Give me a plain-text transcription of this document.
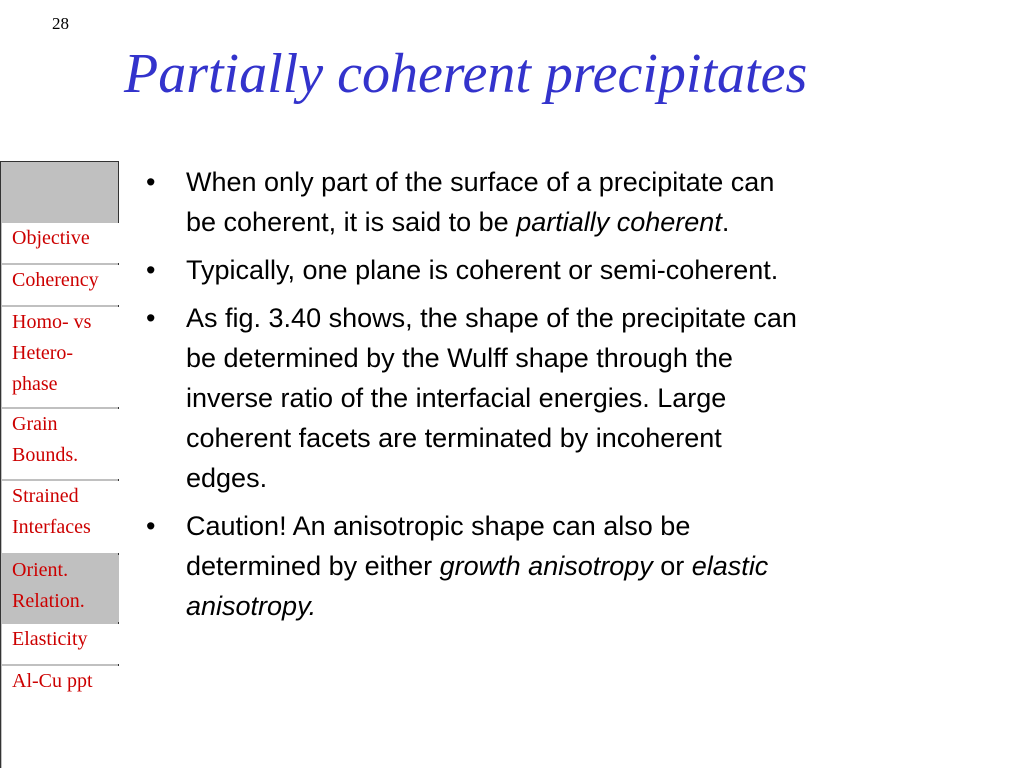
28
Partially coherent precipitates
Objective
Coherency
Homo- vs
Hetero-
phase
Grain
Bounds.
Strained
Interfaces
Orient.
Relation.
Elasticity
Al-Cu ppt
• When only part of the surface of a precipitate can
be coherent, it is said to be partially coherent.
• Typically, one plane is coherent or semi-coherent.
• As fig. 3.40 shows, the shape of the precipitate can
be determined by the Wulff shape through the
inverse ratio of the interfacial energies. Large
coherent facets are terminated by incoherent
edges.
• Caution! An anisotropic shape can also be
determined by either growth anisotropy or elastic
anisotropy.
